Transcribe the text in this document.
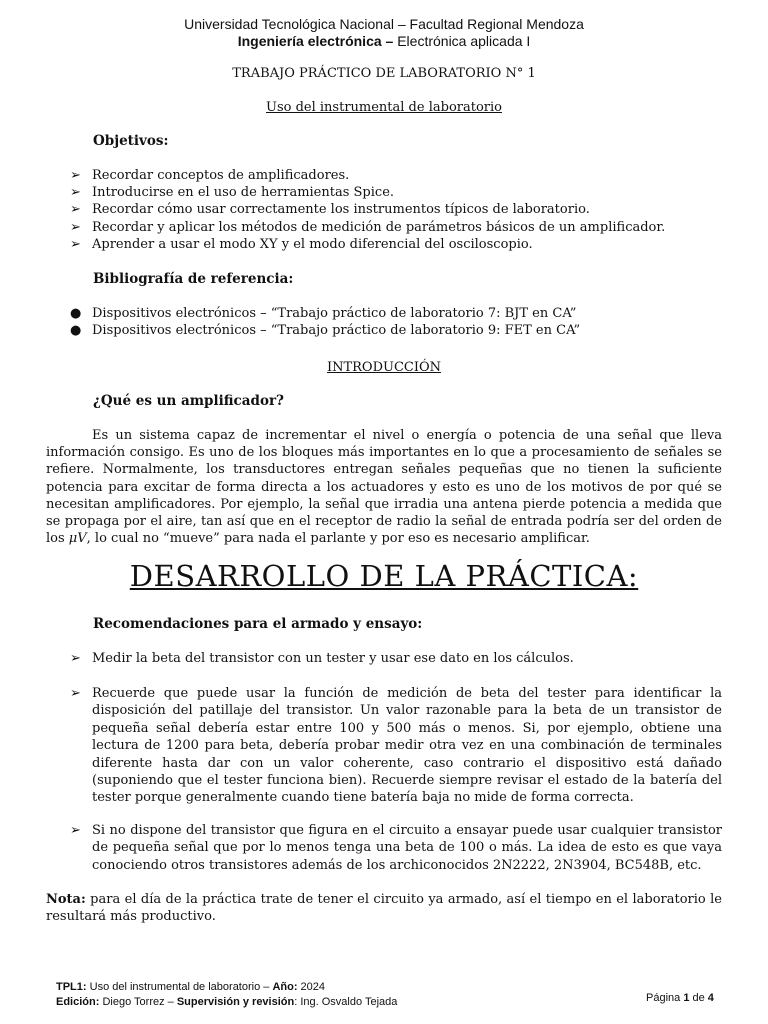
Universidad Tecnológica Nacional – Facultad Regional Mendoza
Ingeniería electrónica – Electrónica aplicada I
TRABAJO PRÁCTICO DE LABORATORIO N° 1
Uso del instrumental de laboratorio
Objetivos:
➢ Recordar conceptos de amplificadores.
➢ Introducirse en el uso de herramientas Spice.
➢ Recordar cómo usar correctamente los instrumentos típicos de laboratorio.
➢ Recordar y aplicar los métodos de medición de parámetros básicos de un amplificador.
➢ Aprender a usar el modo XY y el modo diferencial del osciloscopio.
Bibliografía de referencia:
● Dispositivos electrónicos – “Trabajo práctico de laboratorio 7: BJT en CA”
● Dispositivos electrónicos – “Trabajo práctico de laboratorio 9: FET en CA”
INTRODUCCIÓN
¿Qué es un amplificador?
Es un sistema capaz de incrementar el nivel o energía o potencia de una señal que lleva información consigo. Es uno de los bloques más importantes en lo que a procesamiento de señales se refiere. Normalmente, los transductores entregan señales pequeñas que no tienen la suficiente potencia para excitar de forma directa a los actuadores y esto es uno de los motivos de por qué se necesitan amplificadores. Por ejemplo, la señal que irradia una antena pierde potencia a medida que se propaga por el aire, tan así que en el receptor de radio la señal de entrada podría ser del orden de los μV, lo cual no “mueve” para nada el parlante y por eso es necesario amplificar.
DESARROLLO DE LA PRÁCTICA:
Recomendaciones para el armado y ensayo:
➢ Medir la beta del transistor con un tester y usar ese dato en los cálculos.
➢ Recuerde que puede usar la función de medición de beta del tester para identificar la disposición del patillaje del transistor. Un valor razonable para la beta de un transistor de pequeña señal debería estar entre 100 y 500 más o menos. Si, por ejemplo, obtiene una lectura de 1200 para beta, debería probar medir otra vez en una combinación de terminales diferente hasta dar con un valor coherente, caso contrario el dispositivo está dañado (suponiendo que el tester funciona bien). Recuerde siempre revisar el estado de la batería del tester porque generalmente cuando tiene batería baja no mide de forma correcta.
➢ Si no dispone del transistor que figura en el circuito a ensayar puede usar cualquier transistor de pequeña señal que por lo menos tenga una beta de 100 o más. La idea de esto es que vaya conociendo otros transistores además de los archiconocidos 2N2222, 2N3904, BC548B, etc.
Nota: para el día de la práctica trate de tener el circuito ya armado, así el tiempo en el laboratorio le resultará más productivo.
TPL1: Uso del instrumental de laboratorio – Año: 2024
Edición: Diego Torrez – Supervisión y revisión: Ing. Osvaldo Tejada	Página 1 de 4
